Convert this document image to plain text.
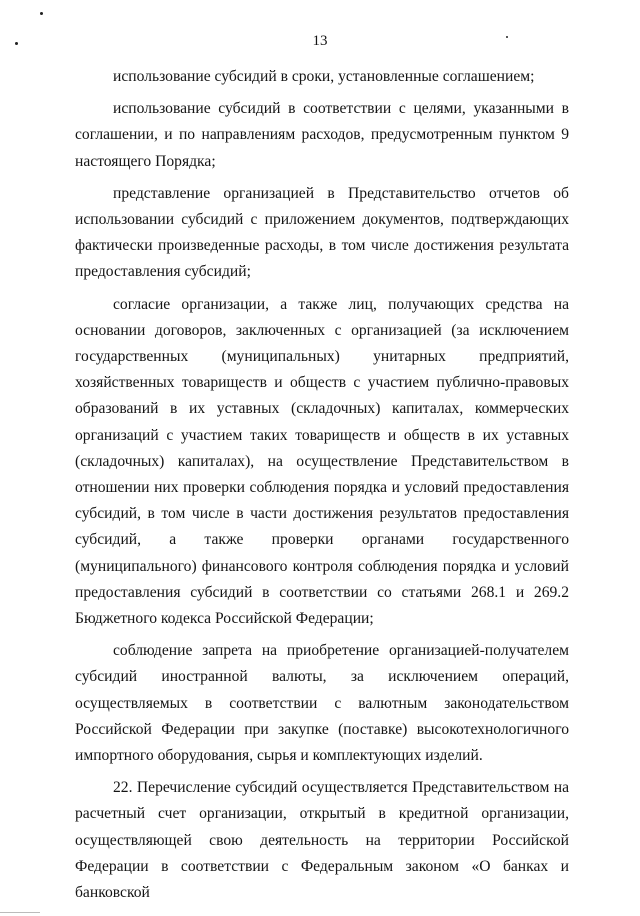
13

использование субсидий в сроки, установленные соглашением;

использование субсидий в соответствии с целями, указанными в соглашении, и по направлениям расходов, предусмотренным пунктом 9 настоящего Порядка;

представление организацией в Представительство отчетов об использовании субсидий с приложением документов, подтверждающих фактически произведенные расходы, в том числе достижения результата предоставления субсидий;

согласие организации, а также лиц, получающих средства на основании договоров, заключенных с организацией (за исключением государственных (муниципальных) унитарных предприятий, хозяйственных товариществ и обществ с участием публично-правовых образований в их уставных (складочных) капиталах, коммерческих организаций с участием таких товариществ и обществ в их уставных (складочных) капиталах), на осуществление Представительством в отношении них проверки соблюдения порядка и условий предоставления субсидий, в том числе в части достижения результатов предоставления субсидий, а также проверки органами государственного (муниципального) финансового контроля соблюдения порядка и условий предоставления субсидий в соответствии со статьями 268.1 и 269.2 Бюджетного кодекса Российской Федерации;

соблюдение запрета на приобретение организацией-получателем субсидий иностранной валюты, за исключением операций, осуществляемых в соответствии с валютным законодательством Российской Федерации при закупке (поставке) высокотехнологичного импортного оборудования, сырья и комплектующих изделий.

22. Перечисление субсидий осуществляется Представительством на расчетный счет организации, открытый в кредитной организации, осуществляющей свою деятельность на территории Российской Федерации в соответствии с Федеральным законом «О банках и банковской
